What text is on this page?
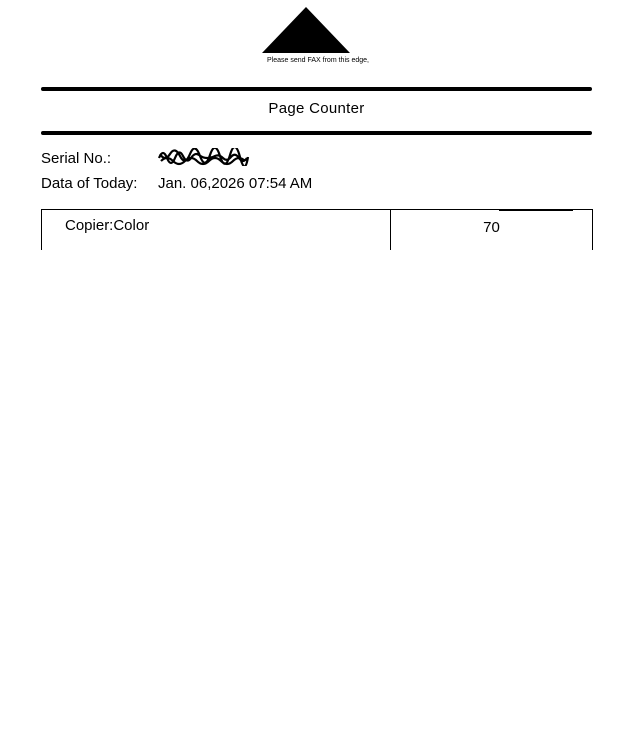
Please send FAX from this edge,
Page Counter
Serial No.:
Data of Today: Jan. 06,2026 07:54 AM
Copier:Color	70
